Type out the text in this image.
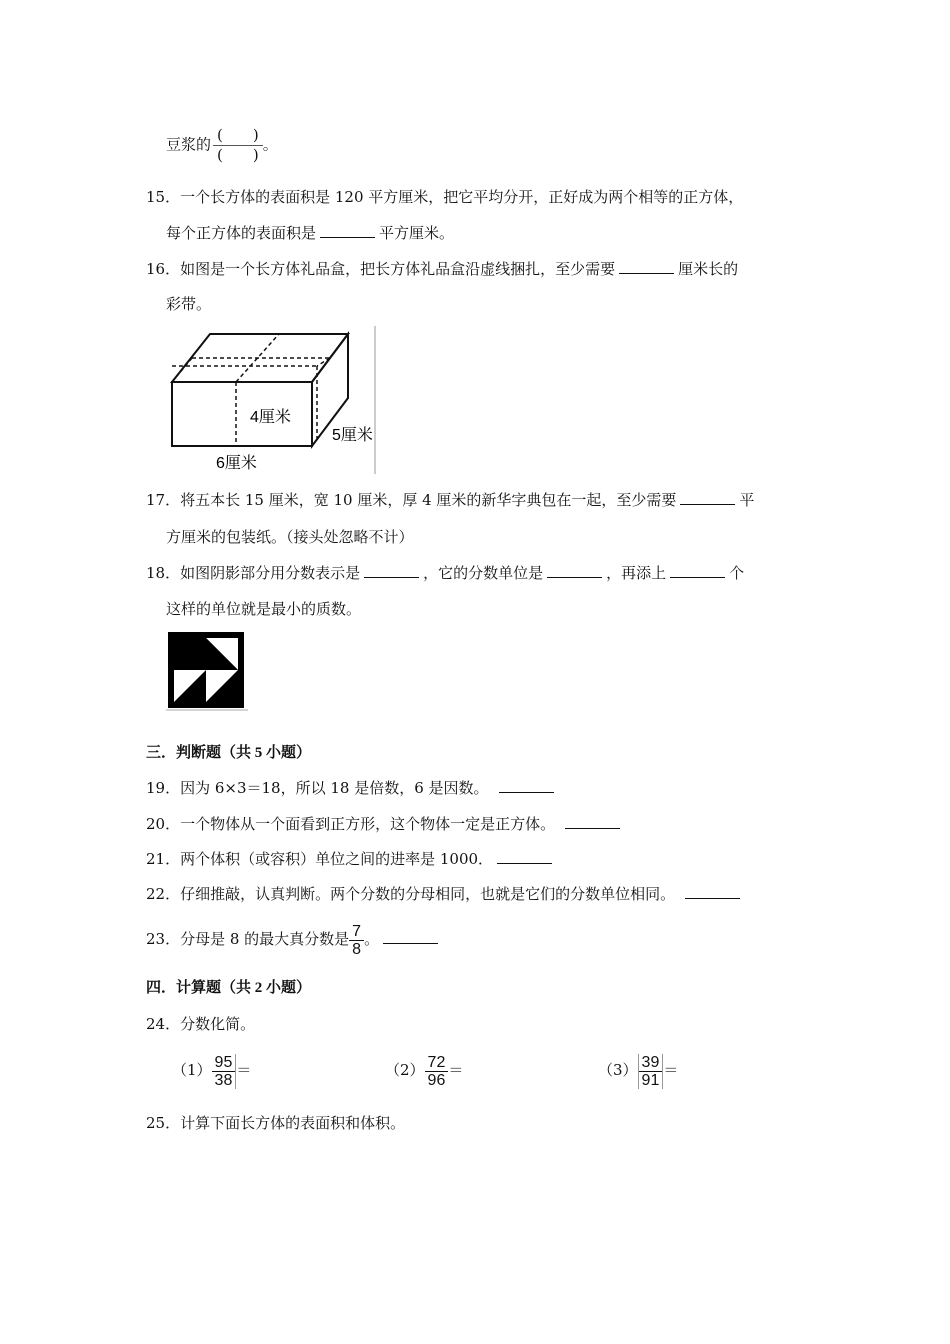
豆浆的 $\frac{( )}{( )}$ 。
15．一个长方体的表面积是 120 平方厘米，把它平均分开，正好成为两个相等的正方体，
每个正方体的表面积是	平方厘米。
16．如图是一个长方体礼品盒，把长方体礼品盒沿虚线捆扎，至少需要	厘米长的
彩带。
4厘米
5厘米
6厘米
17．将五本长 15 厘米，宽 10 厘米，厚 4 厘米的新华字典包在一起，至少需要	平
方厘米的包装纸。（接头处忽略不计）
18．如图阴影部分用分数表示是	，它的分数单位是	，再添上	个
这样的单位就是最小的质数。
三．判断题（共 5 小题）
19．因为 6×3＝18，所以 18 是倍数，6 是因数。
20．一个物体从一个面看到正方形，这个物体一定是正方体。
21．两个体积（或容积）单位之间的进率是 1000．
22．仔细推敲，认真判断。两个分数的分母相同，也就是它们的分数单位相同。
23．分母是 8 的最大真分数是 $\frac{7}{8}$ 。
四．计算题（共 2 小题）
24．分数化简。
$(1) \frac{95}{38}$ ＝	$(2) \frac{72}{96}$ ＝	$(3) \frac{39}{91}$ ＝
25．计算下面长方体的表面积和体积。
